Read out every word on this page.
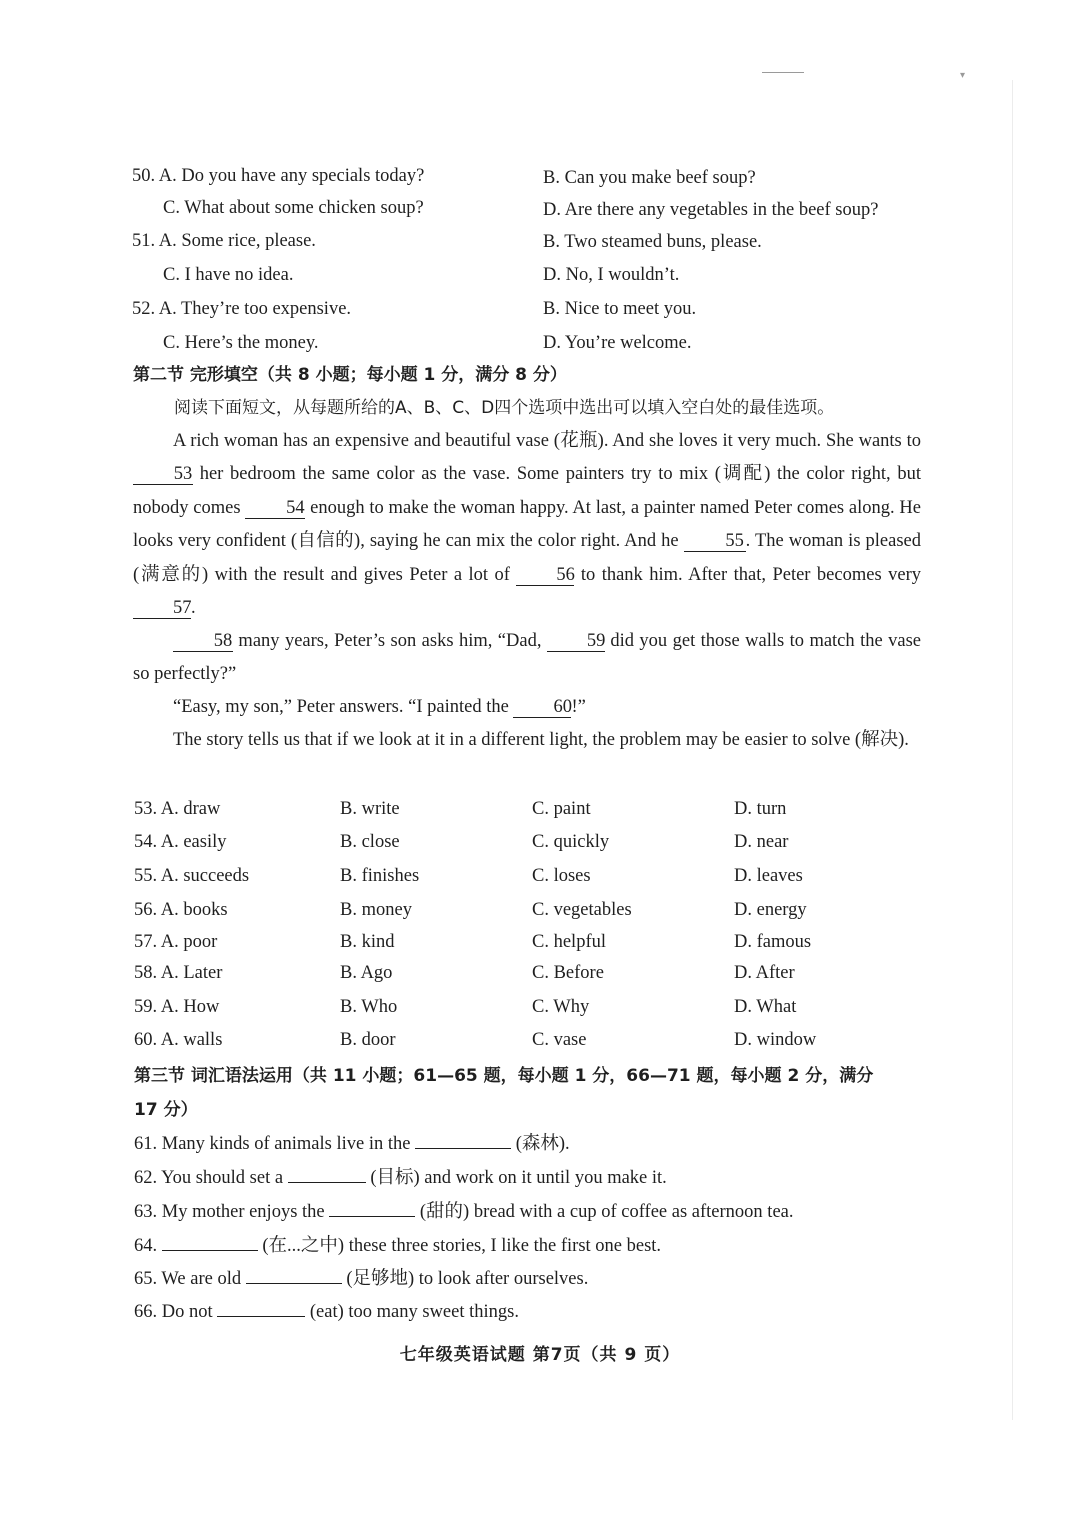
▾
50. A. Do you have any specials today?	B. Can you make beef soup?
C. What about some chicken soup?	D. Are there any vegetables in the beef soup?
51. A. Some rice, please.	B. Two steamed buns, please.
C. I have no idea.	D. No, I wouldn’t.
52. A. They’re too expensive.	B. Nice to meet you.
C. Here’s the money.	D. You’re welcome.
第二节 完形填空（共 8 小题；每小题 1 分，满分 8 分）
阅读下面短文，从每题所给的A、B、C、D四个选项中选出可以填入空白处的最佳选项。
A rich woman has an expensive and beautiful vase (花瓶). And she loves it very much. She wants to 53 her bedroom the same color as the vase. Some painters try to mix (调配) the color right, but nobody comes 54 enough to make the woman happy. At last, a painter named Peter comes along. He looks very confident (自信的), saying he can mix the color right. And he 55. The woman is pleased (满意的) with the result and gives Peter a lot of 56 to thank him. After that, Peter becomes very 57.
58 many years, Peter’s son asks him, “Dad, 59 did you get those walls to match the vase so perfectly?”
“Easy, my son,” Peter answers. “I painted the 60!”
The story tells us that if we look at it in a different light, the problem may be easier to solve (解决).
53. A. draw	B. write	C. paint	D. turn
54. A. easily	B. close	C. quickly	D. near
55. A. succeeds	B. finishes	C. loses	D. leaves
56. A. books	B. money	C. vegetables	D. energy
57. A. poor	B. kind	C. helpful	D. famous
58. A. Later	B. Ago	C. Before	D. After
59. A. How	B. Who	C. Why	D. What
60. A. walls	B. door	C. vase	D. window
第三节 词汇语法运用（共 11 小题；61—65 题，每小题 1 分，66—71 题，每小题 2 分，满分
17 分）
61. Many kinds of animals live in the	(森林).
62. You should set a	(目标) and work on it until you make it.
63. My mother enjoys the	(甜的) bread with a cup of coffee as afternoon tea.
64.	(在...之中) these three stories, I like the first one best.
65. We are old	(足够地) to look after ourselves.
66. Do not	(eat) too many sweet things.
七年级英语试题 第7页（共 9 页）
